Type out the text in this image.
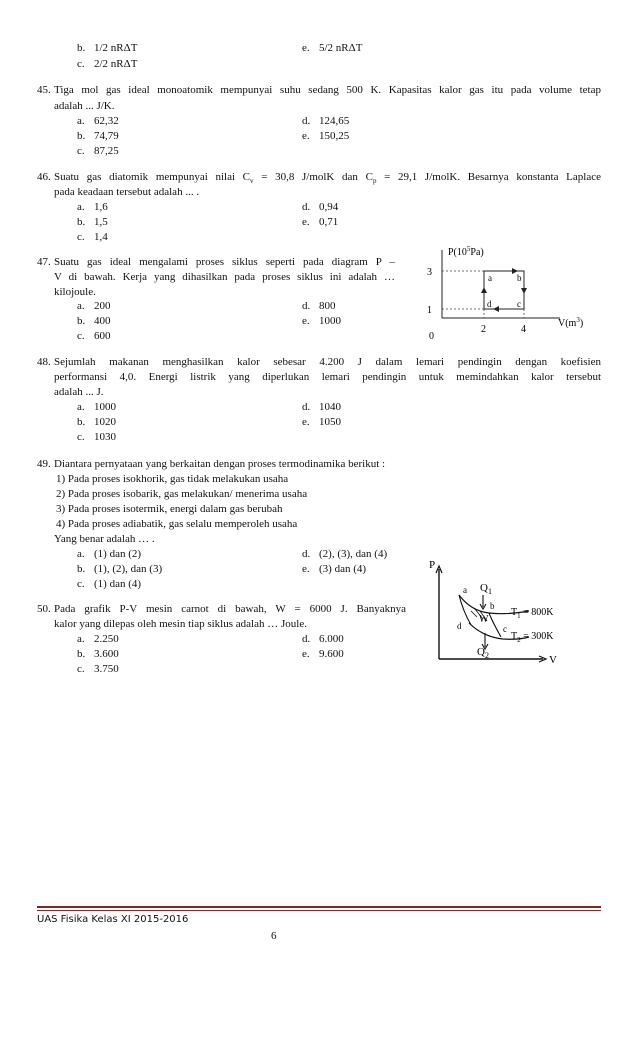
b. 1/2 nRΔT	e. 5/2 nRΔT
c. 2/2 nRΔT
45. Tiga mol gas ideal monoatomik mempunyai suhu sedang 500 K. Kapasitas kalor gas itu pada volume tetap
adalah ... J/K.
a. 62,32	d. 124,65
b. 74,79	e. 150,25
c. 87,25
46. Suatu gas diatomik mempunyai nilai $C_v = 30,8$ J/molK dan $C_p = 29,1$ J/molK. Besarnya konstanta Laplace
pada keadaan tersebut adalah ... .
a. 1,6	d. 0,94
b. 1,5	e. 0,71
c. 1,4
47. Suatu gas ideal mengalami proses siklus seperti pada diagram P –
V di bawah. Kerja yang dihasilkan pada proses siklus ini adalah …
kilojoule.
a. 200	d. 800
b. 400	e. 1000
c. 600
$P(10^5Pa)$
$V(m^3)$
3
1
2	4
0
a	b
c
d
48. Sejumlah makanan menghasilkan kalor sebesar 4.200 J dalam lemari pendingin dengan koefisien
performansi 4,0. Energi listrik yang diperlukan lemari pendingin untuk memindahkan kalor tersebut
adalah ... J.
a. 1000	d. 1040
b. 1020	e. 1050
c. 1030
49. Diantara pernyataan yang berkaitan dengan proses termodinamika berikut :
1) Pada proses isokhorik, gas tidak melakukan usaha
2) Pada proses isobarik, gas melakukan/ menerima usaha
3) Pada proses isotermik, energi dalam gas berubah
4) Pada proses adiabatik, gas selalu memperoleh usaha
Yang benar adalah … .
a. (1) dan (2)	d. (2), (3), dan (4)
b. (1), (2), dan (3)	e. (3) dan (4)
c. (1) dan (4)
50. Pada grafik P-V mesin carnot di bawah, W = 6000 J. Banyaknya
kalor yang dilepas oleh mesin tiap siklus adalah … Joule.
a. 2.250	d. 6.000
b. 3.600	e. 9.600
c. 3.750
P
V
$Q_1$
$Q_2$
W
$T_1 = 800K$
$T_2 = 300K$
a
b
c
d
UAS Fisika Kelas XI 2015-2016
6
